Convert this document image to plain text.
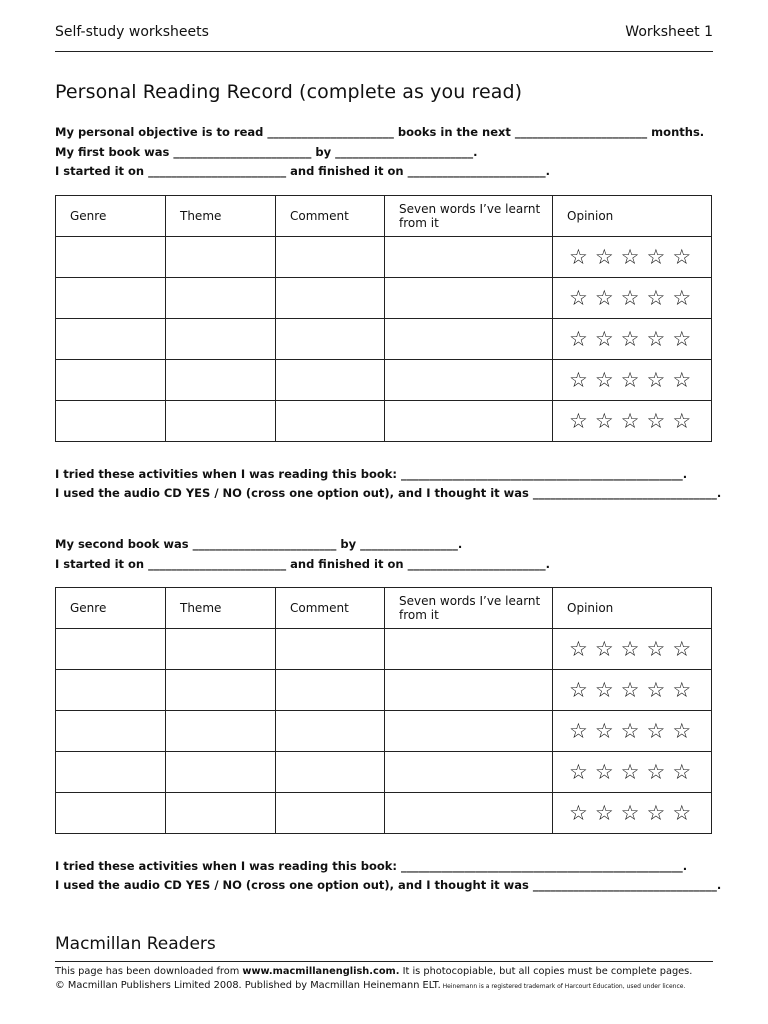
Self-study worksheets	Worksheet 1
Personal Reading Record (complete as you read)
My personal objective is to read ______________________ books in the next _______________________ months.
My first book was ________________________ by ________________________.
I started it on ________________________ and finished it on ________________________.
Genre	Theme	Comment	Seven words I’ve learnt from it	Opinion

				☆ ☆ ☆ ☆ ☆

				☆ ☆ ☆ ☆ ☆

				☆ ☆ ☆ ☆ ☆

				☆ ☆ ☆ ☆ ☆

				☆ ☆ ☆ ☆ ☆
I tried these activities when I was reading this book: _________________________________________________.
I used the audio CD YES / NO (cross one option out), and I thought it was ________________________________.
My second book was _________________________ by _________________.
I started it on ________________________ and finished it on ________________________.
Genre	Theme	Comment	Seven words I’ve learnt from it	Opinion

				☆ ☆ ☆ ☆ ☆

				☆ ☆ ☆ ☆ ☆

				☆ ☆ ☆ ☆ ☆

				☆ ☆ ☆ ☆ ☆

				☆ ☆ ☆ ☆ ☆
I tried these activities when I was reading this book: _________________________________________________.
I used the audio CD YES / NO (cross one option out), and I thought it was ________________________________.
Macmillan Readers
This page has been downloaded from www.macmillanenglish.com. It is photocopiable, but all copies must be complete pages.
© Macmillan Publishers Limited 2008. Published by Macmillan Heinemann ELT. Heinemann is a registered trademark of Harcourt Education, used under licence.
